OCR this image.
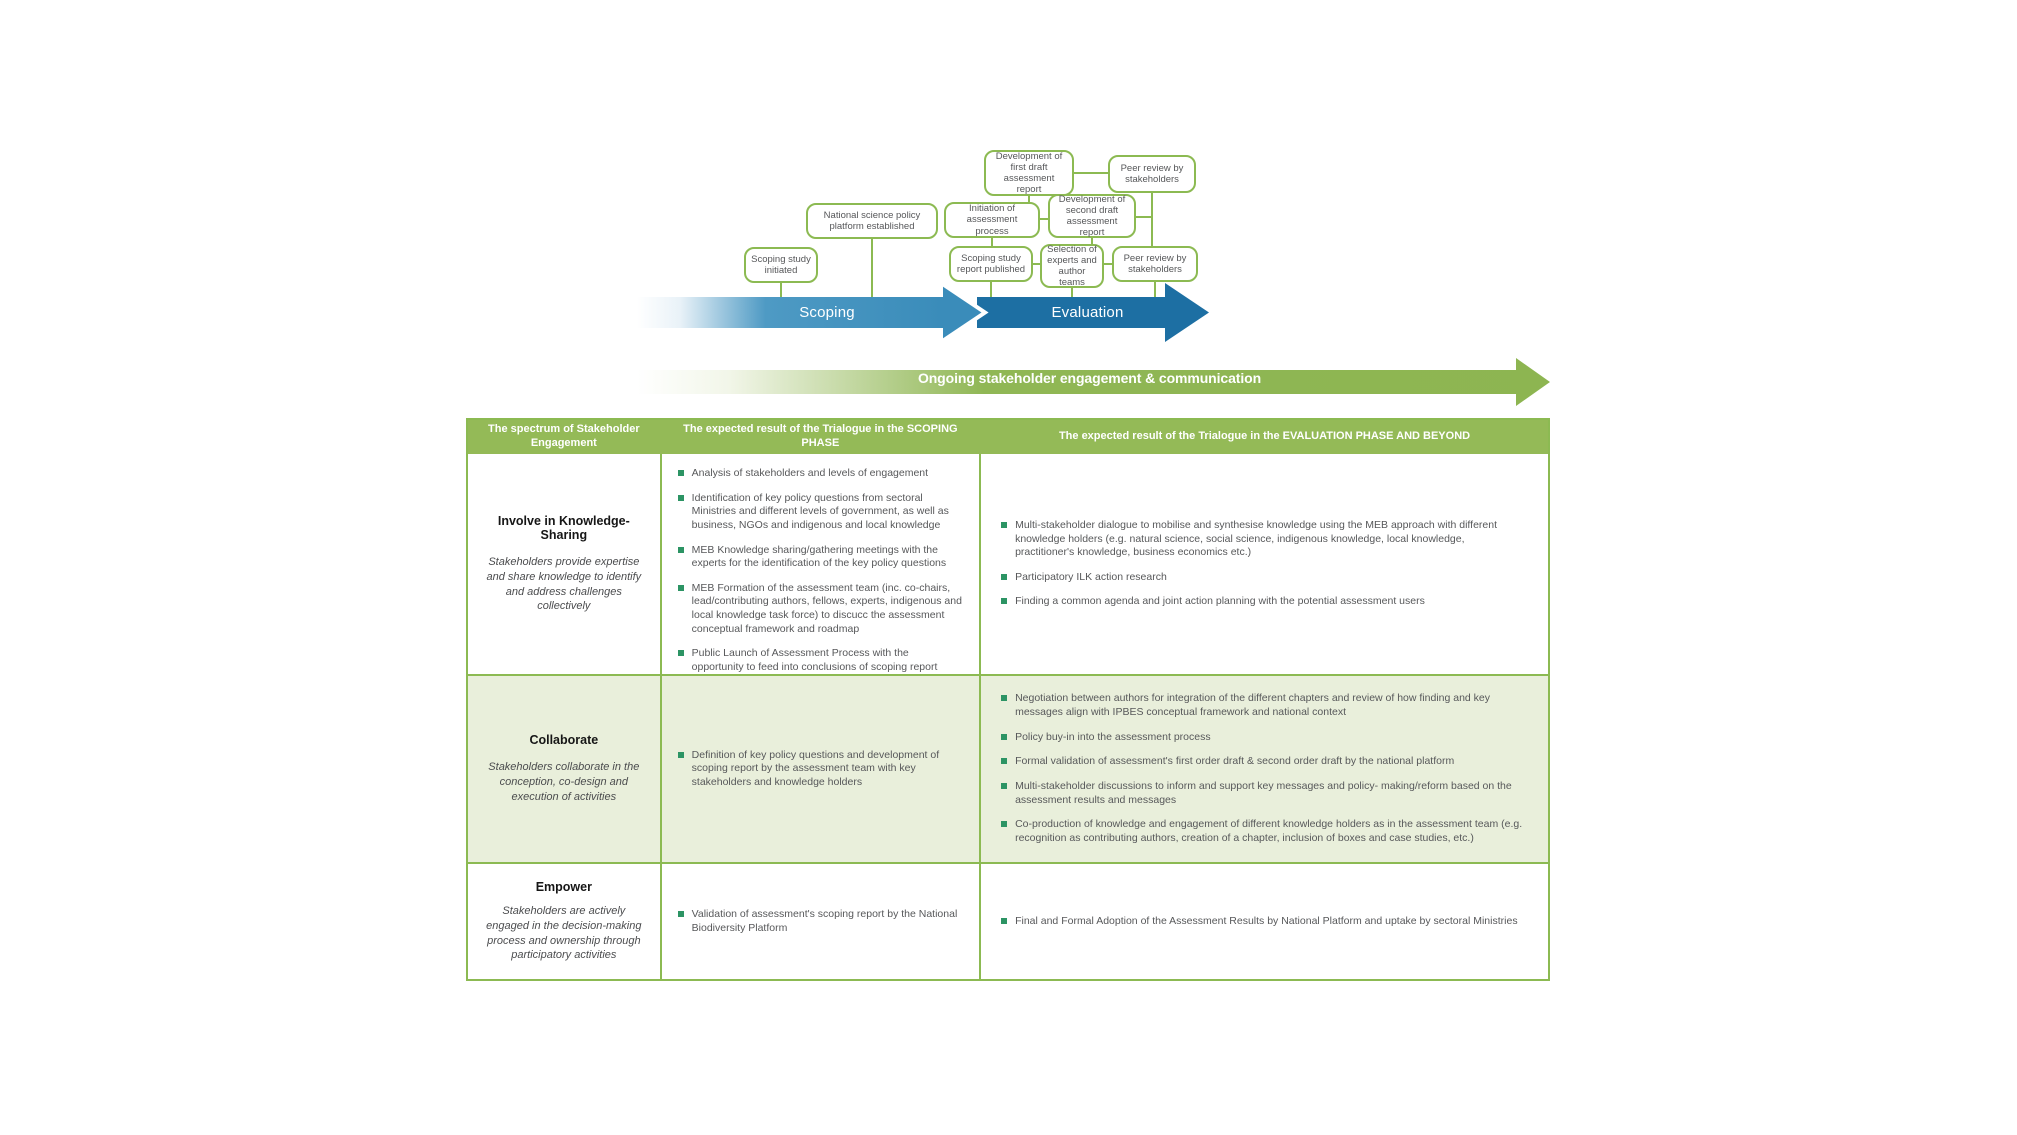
Scoping study initiated
National science policy platform established
Development of first draft assessment report
Peer review by stakeholders
Initiation of assessment process
Development of second draft assessment report
Scoping study report published
Selection of experts and author teams
Peer review by stakeholders
Scoping	Evaluation
Ongoing stakeholder engagement & communication
The spectrum of Stakeholder Engagement
The expected result of the Trialogue in the SCOPING PHASE
The expected result of the Trialogue in the EVALUATION PHASE AND BEYOND
Involve in Knowledge-Sharing
Stakeholders provide expertise and share knowledge to identify and address challenges collectively
Analysis of stakeholders and levels of engagement
Identification of key policy questions from sectoral Ministries and different levels of government, as well as business, NGOs and indigenous and local knowledge
MEB Knowledge sharing/gathering meetings with the experts for the identification of the key policy questions
MEB Formation of the assessment team (inc. co-chairs, lead/contributing authors, fellows, experts, indigenous and local knowledge task force) to discucc the assessment conceptual framework and roadmap
Public Launch of Assessment Process with the opportunity to feed into conclusions of scoping report
Multi-stakeholder dialogue to mobilise and synthesise knowledge using the MEB approach with different knowledge holders (e.g. natural science, social science, indigenous knowledge, local knowledge, practitioner's knowledge, business economics etc.)
Participatory ILK action research
Finding a common agenda and joint action planning with the potential assessment users
Collaborate
Stakeholders collaborate in the conception, co-design and execution of activities
Definition of key policy questions and development of scoping report by the assessment team with key stakeholders and knowledge holders
Negotiation between authors for integration of the different chapters and review of how finding and key messages align with IPBES conceptual framework and national context
Policy buy-in into the assessment process
Formal validation of assessment's first order draft & second order draft by the national platform
Multi-stakeholder discussions to inform and support key messages and policy- making/reform based on the assessment results and messages
Co-production of knowledge and engagement of different knowledge holders as in the assessment team (e.g. recognition as contributing authors, creation of a chapter, inclusion of boxes and case studies, etc.)
Empower
Stakeholders are actively engaged in the decision-making process and ownership through participatory activities
Validation of assessment's scoping report by the National Biodiversity Platform
Final and Formal Adoption of the Assessment Results by National Platform and uptake by sectoral Ministries
